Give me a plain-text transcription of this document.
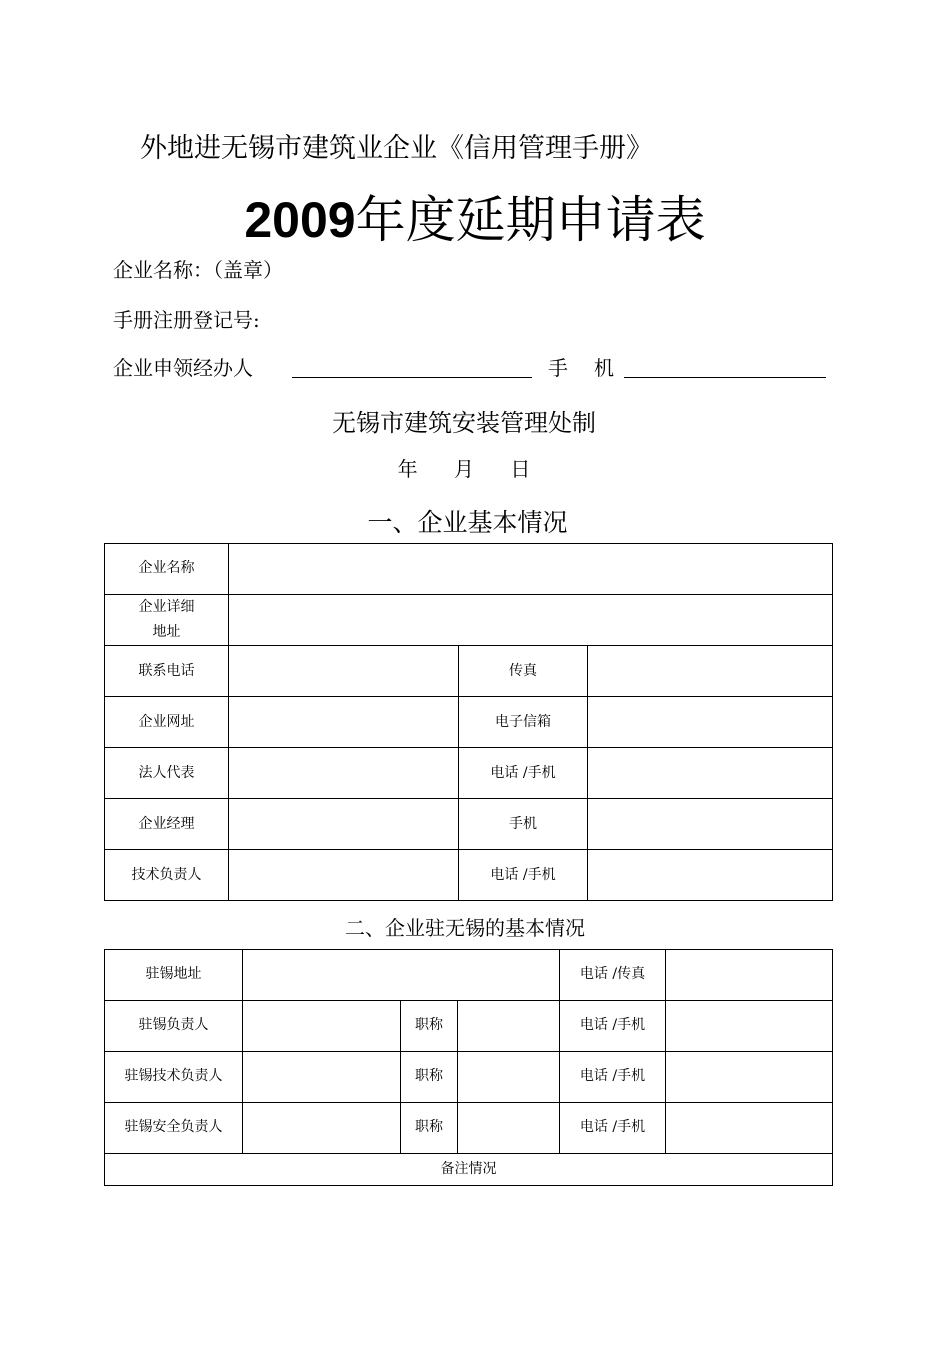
外地进无锡市建筑业企业《信用管理手册》
2009年度延期申请表
企业名称：（盖章）
手册注册登记号:
企业申领经办人	手机
无锡市建筑安装管理处制
年 月 日
一、企业基本情况
企业名称			
企业详细
地址			
联系电话		传真	
企业网址		电子信箱	
法人代表		电话 /手机	
企业经理		手机	
技术负责人		电话 /手机	
二、企业驻无锡的基本情况
驻锡地址				电话 /传真	
驻锡负责人		职称		电话 /手机	
驻锡技术负责人		职称		电话 /手机	
驻锡安全负责人		职称		电话 /手机	
备注情况					
